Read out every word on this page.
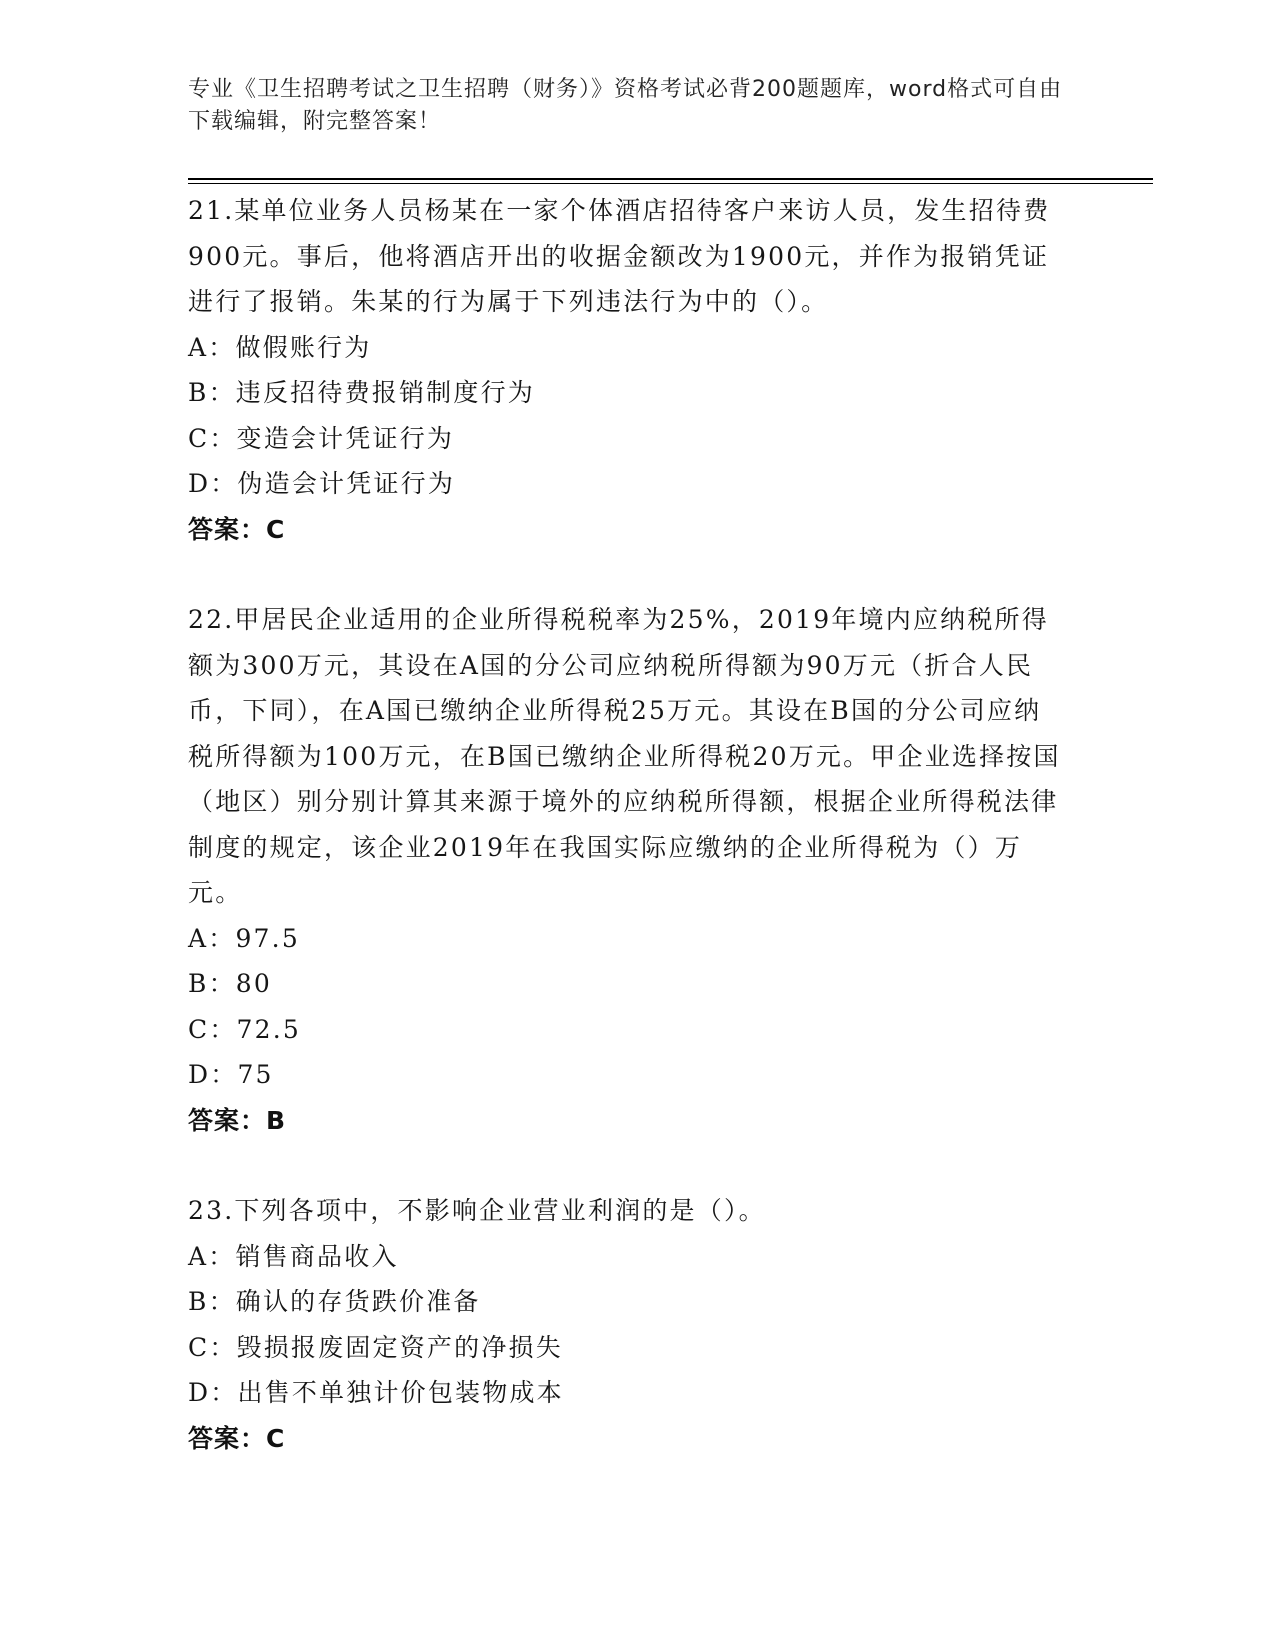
专业《卫生招聘考试之卫生招聘（财务）》资格考试必背200题题库，word格式可自由下载编辑，附完整答案！

21.某单位业务人员杨某在一家个体酒店招待客户来访人员，发生招待费900元。事后，他将酒店开出的收据金额改为1900元，并作为报销凭证进行了报销。朱某的行为属于下列违法行为中的（）。

A：做假账行为

B：违反招待费报销制度行为

C：变造会计凭证行为

D：伪造会计凭证行为

答案：C

22.甲居民企业适用的企业所得税税率为25%，2019年境内应纳税所得额为300万元，其设在A国的分公司应纳税所得额为90万元（折合人民币，下同），在A国已缴纳企业所得税25万元。其设在B国的分公司应纳税所得额为100万元，在B国已缴纳企业所得税20万元。甲企业选择按国（地区）别分别计算其来源于境外的应纳税所得额，根据企业所得税法律制度的规定，该企业2019年在我国实际应缴纳的企业所得税为（）万元。

A：97.5

B：80

C：72.5

D：75

答案：B

23.下列各项中，不影响企业营业利润的是（）。

A：销售商品收入

B：确认的存货跌价准备

C：毁损报废固定资产的净损失

D：出售不单独计价包装物成本

答案：C
